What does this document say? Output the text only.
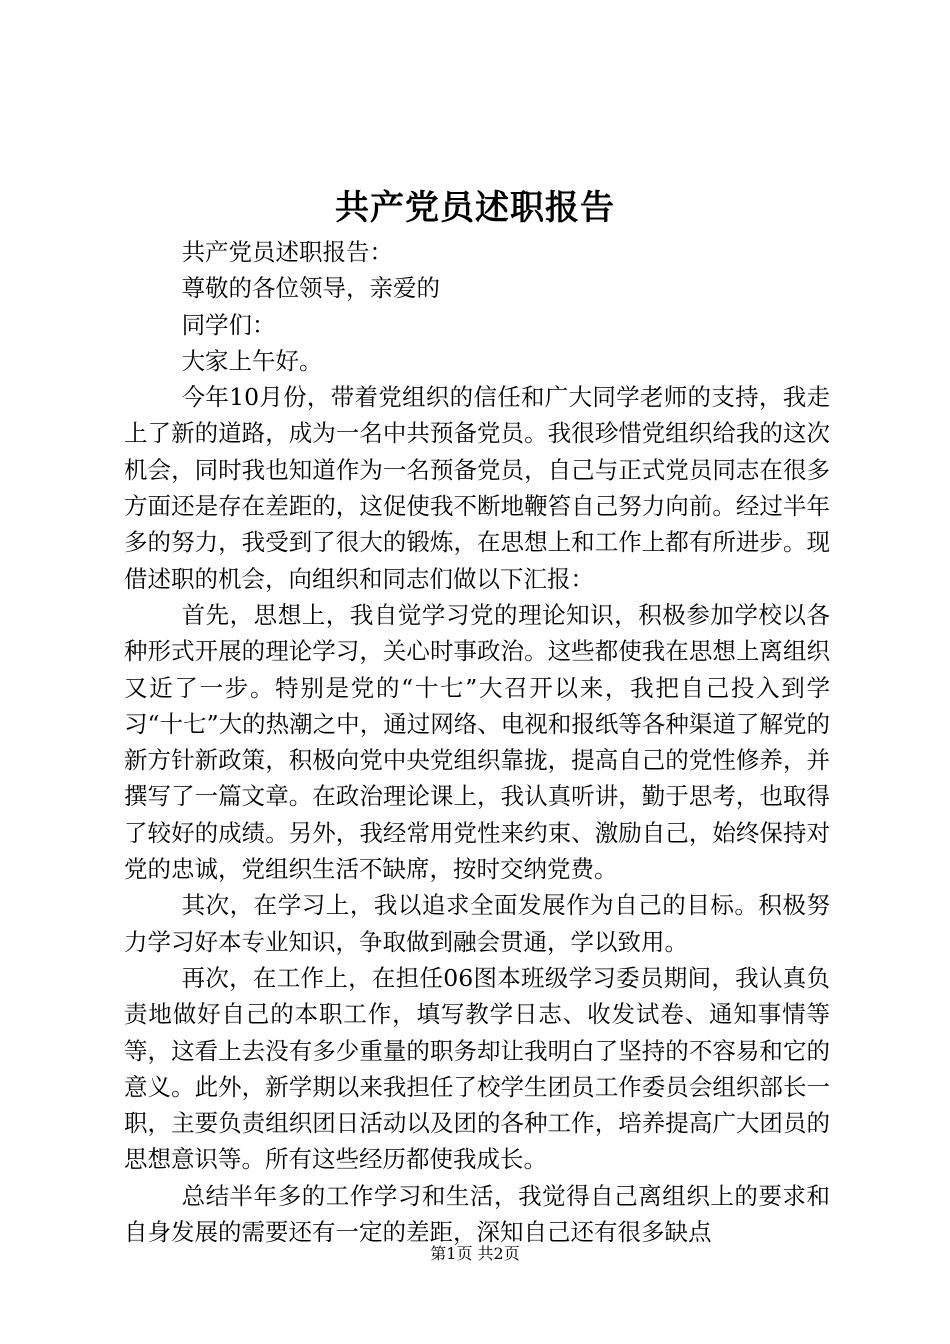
共产党员述职报告

共产党员述职报告：

尊敬的各位领导，亲爱的

同学们：

大家上午好。

今年10月份，带着党组织的信任和广大同学老师的支持，我走上了新的道路，成为一名中共预备党员。我很珍惜党组织给我的这次机会，同时我也知道作为一名预备党员，自己与正式党员同志在很多方面还是存在差距的，这促使我不断地鞭笞自己努力向前。经过半年多的努力，我受到了很大的锻炼，在思想上和工作上都有所进步。现借述职的机会，向组织和同志们做以下汇报：

首先，思想上，我自觉学习党的理论知识，积极参加学校以各种形式开展的理论学习，关心时事政治。这些都使我在思想上离组织又近了一步。特别是党的“十七”大召开以来，我把自己投入到学习“十七”大的热潮之中，通过网络、电视和报纸等各种渠道了解党的新方针新政策，积极向党中央党组织靠拢，提高自己的党性修养，并撰写了一篇文章。在政治理论课上，我认真听讲，勤于思考，也取得了较好的成绩。另外，我经常用党性来约束、激励自己，始终保持对党的忠诚，党组织生活不缺席，按时交纳党费。

其次，在学习上，我以追求全面发展作为自己的目标。积极努力学习好本专业知识，争取做到融会贯通，学以致用。

再次，在工作上，在担任06图本班级学习委员期间，我认真负责地做好自己的本职工作，填写教学日志、收发试卷、通知事情等等，这看上去没有多少重量的职务却让我明白了坚持的不容易和它的意义。此外，新学期以来我担任了校学生团员工作委员会组织部长一职，主要负责组织团日活动以及团的各种工作，培养提高广大团员的思想意识等。所有这些经历都使我成长。

总结半年多的工作学习和生活，我觉得自己离组织上的要求和自身发展的需要还有一定的差距，深知自己还有很多缺点

第1页 共2页
